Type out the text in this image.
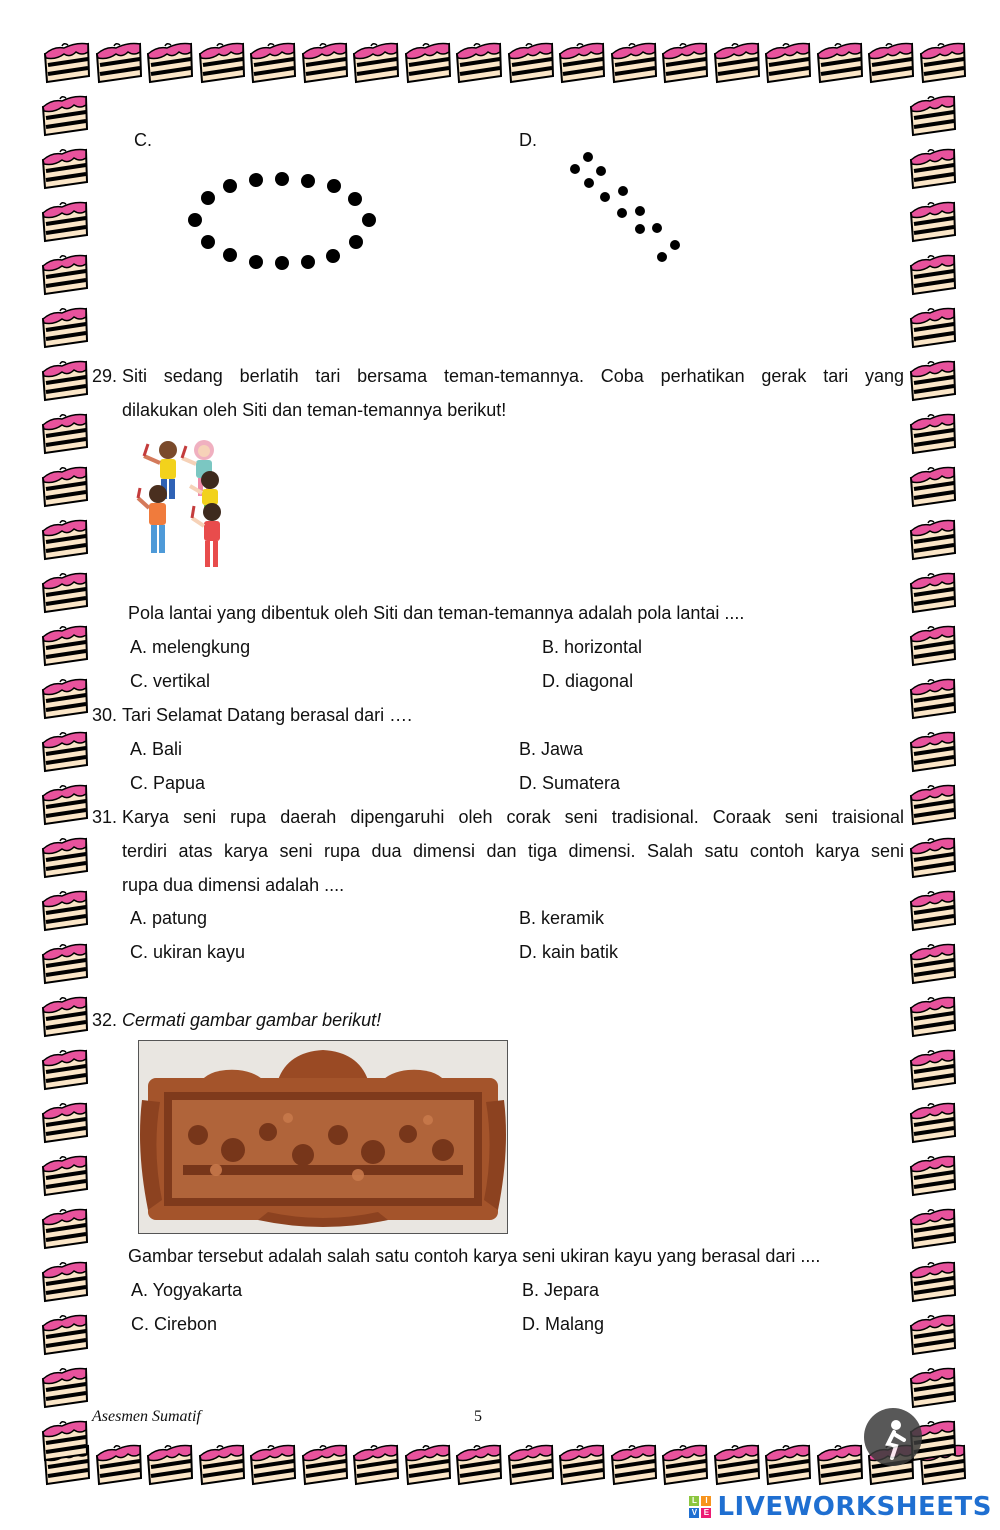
C.	D.
29. Siti sedang berlatih tari bersama teman-temannya. Coba perhatikan gerak tari yang
dilakukan oleh Siti dan teman-temannya berikut!
Pola lantai yang dibentuk oleh Siti dan teman-temannya adalah pola lantai ....
A. melengkung	B. horizontal
C. vertikal	D. diagonal
30. Tari Selamat Datang berasal dari ….
A. Bali	B. Jawa
C. Papua	D. Sumatera
31. Karya seni rupa daerah dipengaruhi oleh corak seni tradisional. Coraak seni traisional
terdiri atas karya seni rupa dua dimensi dan tiga dimensi. Salah satu contoh karya seni
rupa dua dimensi adalah ....
A. patung	B. keramik
C. ukiran kayu	D. kain batik
32. Cermati gambar gambar berikut!
Gambar tersebut adalah salah satu contoh karya seni ukiran kayu yang berasal dari ....
A. Yogyakarta	B. Jepara
C. Cirebon	D. Malang
Asesmen Sumatif	5
L	I
V E LIVEWORKSHEETS
